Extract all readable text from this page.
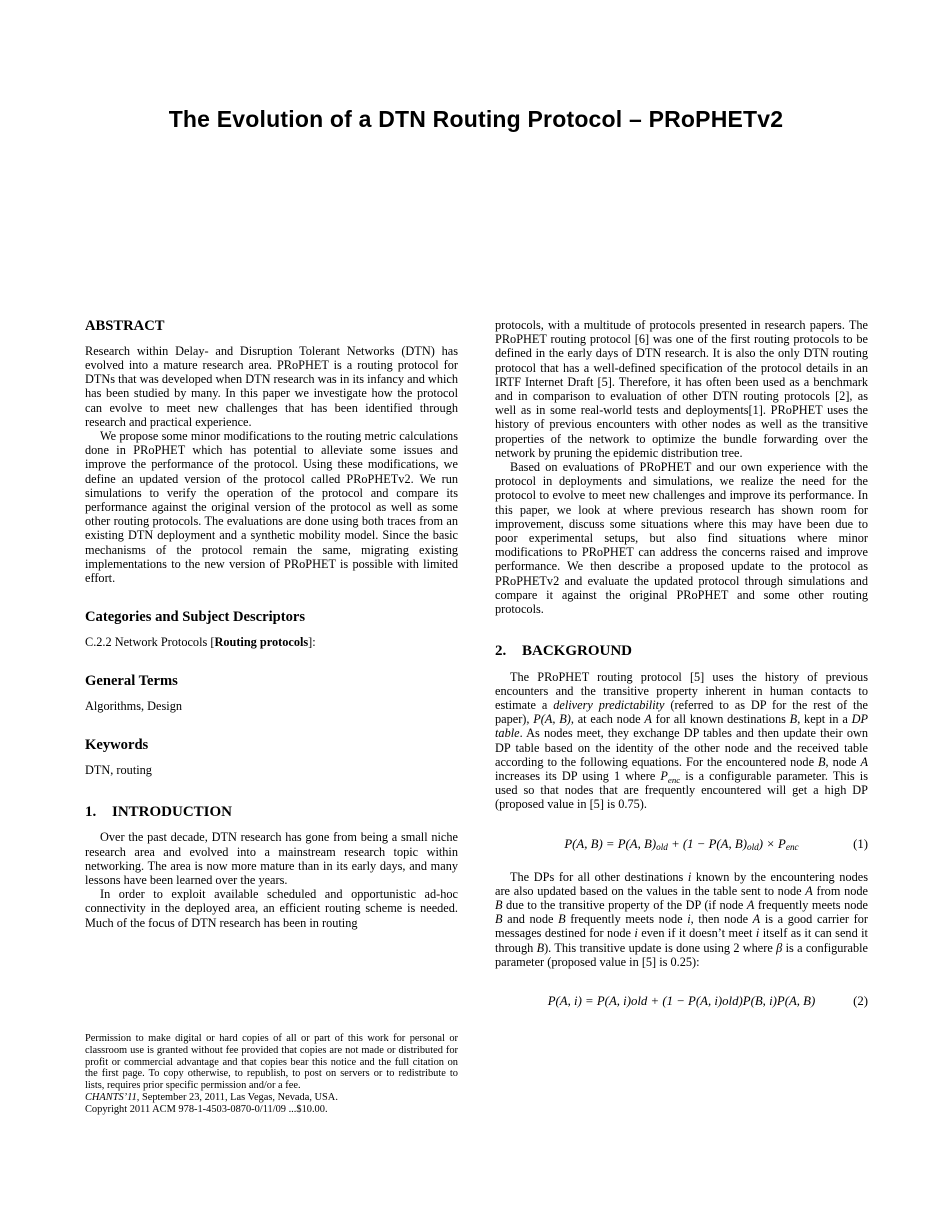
The Evolution of a DTN Routing Protocol – PRoPHETv2
ABSTRACT

Research within Delay- and Disruption Tolerant Networks (DTN) has evolved into a mature research area. PRoPHET is a routing protocol for DTNs that was developed when DTN research was in its infancy and which has been studied by many. In this paper we investigate how the protocol can evolve to meet new challenges that has been identified through research and practical experience.

We propose some minor modifications to the routing metric calculations done in PRoPHET which has potential to alleviate some issues and improve the performance of the protocol. Using these modifications, we define an updated version of the protocol called PRoPHETv2. We run simulations to verify the operation of the protocol and compare its performance against the original version of the protocol as well as some other routing protocols. The evaluations are done using both traces from an existing DTN deployment and a synthetic mobility model. Since the basic mechanisms of the protocol remain the same, migrating existing implementations to the new version of PRoPHET is possible with limited effort.

Categories and Subject Descriptors

C.2.2 Network Protocols [Routing protocols]:

General Terms

Algorithms, Design

Keywords

DTN, routing

1. INTRODUCTION

Over the past decade, DTN research has gone from being a small niche research area and evolved into a mainstream research topic within networking. The area is now more mature than in its early days, and many lessons have been learned over the years.

In order to exploit available scheduled and opportunistic ad-hoc connectivity in the deployed area, an efficient routing scheme is needed. Much of the focus of DTN research has been in routing

protocols, with a multitude of protocols presented in research papers. The PRoPHET routing protocol [6] was one of the first routing protocols to be defined in the early days of DTN research. It is also the only DTN routing protocol that has a well-defined specification of the protocol details in an IRTF Internet Draft [5]. Therefore, it has often been used as a benchmark and in comparison to evaluation of other DTN routing protocols [2], as well as in some real-world tests and deployments[1]. PRoPHET uses the history of previous encounters with other nodes as well as the transitive properties of the network to optimize the bundle forwarding over the network by pruning the epidemic distribution tree.

Based on evaluations of PRoPHET and our own experience with the protocol in deployments and simulations, we realize the need for the protocol to evolve to meet new challenges and improve its performance. In this paper, we look at where previous research has shown room for improvement, discuss some situations where this may have been due to poor experimental setups, but also find situations where minor modifications to PRoPHET can address the concerns raised and improve performance. We then describe a proposed update to the protocol as PRoPHETv2 and evaluate the updated protocol through simulations and compare it against the original PRoPHET and some other routing protocols.

2. BACKGROUND

The PRoPHET routing protocol [5] uses the history of previous encounters and the transitive property inherent in human contacts to estimate a delivery predictability (referred to as DP for the rest of the paper), P(A, B), at each node A for all known destinations B, kept in a DP table. As nodes meet, they exchange DP tables and then update their own DP table based on the identity of the other node and the received table according to the following equations. For the encountered node B, node A increases its DP using 1 where $P_{enc}$ is a configurable parameter. This is used so that nodes that are frequently encountered will get a high DP (proposed value in [5] is 0.75).

P(A, B) = P(A, $B)_{old} + (1 - P(A$, $B)_{old}) \times P_{enc}$	(1)

The DPs for all other destinations i known by the encountering nodes are also updated based on the values in the table sent to node A from node B due to the transitive property of the DP (if node A frequently meets node B and node B frequently meets node i, then node A is a good carrier for messages destined for node i even if it doesn’t meet i itself as it can send it through B). This transitive update is done using 2 where β is a configurable parameter (proposed value in [5] is 0.25):

P(A, i) = P(A, i)old + (1 − P(A, i)old)P(B, i)P(A, B)	(2)

Permission to make digital or hard copies of all or part of this work for personal or classroom use is granted without fee provided that copies are not made or distributed for profit or commercial advantage and that copies bear this notice and the full citation on the first page. To copy otherwise, to republish, to post on servers or to redistribute to lists, requires prior specific permission and/or a fee.

CHANTS’11, September 23, 2011, Las Vegas, Nevada, USA.

Copyright 2011 ACM 978-1-4503-0870-0/11/09 ...$10.00.
